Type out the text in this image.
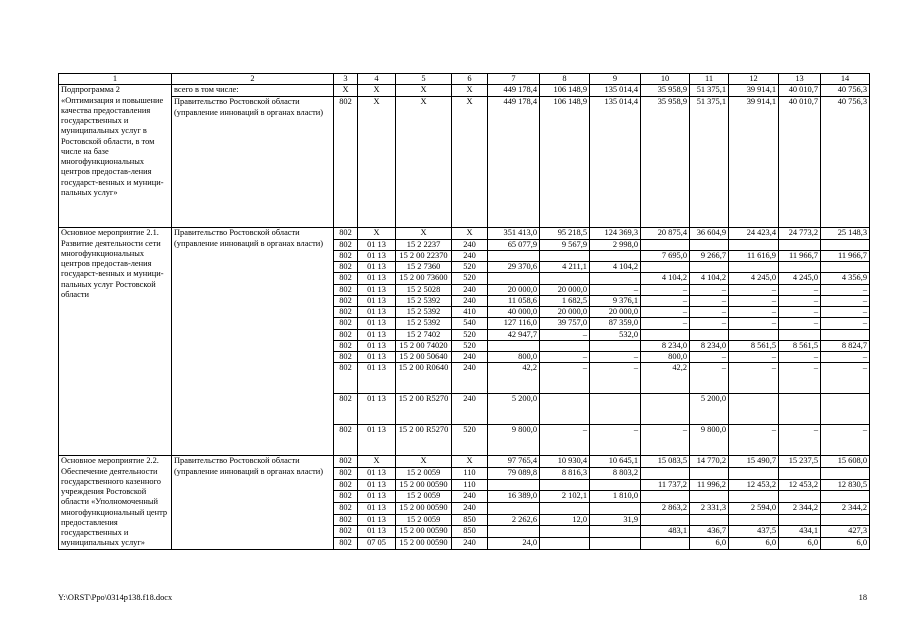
1	2	3	4	5	6	7	8	9	10	11	12	13	14
Подпрограмма 2 «Оптимизация и повышение качества предоставления государственных и муниципальных услуг в Ростовской области, в том числе на базе многофункциональных центров предостав-ления государст-венных и муници-пальных услуг»	всего в том числе:	Х	Х	Х	Х	449 178,4	106 148,9	135 014,4	35 958,9	51 375,1	39 914,1	40 010,7	40 756,3
	Правительство Ростовской области (управление инноваций в органах власти)	802	Х	Х	Х	449 178,4	106 148,9	135 014,4	35 958,9	51 375,1	39 914,1	40 010,7	40 756,3
Основное мероприятие 2.1. Развитие деятельности сети многофункциональных центров предостав-ления государст-венных и муници-пальных услуг Ростовской области	Правительство Ростовской области (управление инноваций в органах власти)	802	Х	Х	Х	351 413,0	95 218,5	124 369,3	20 875,4	36 604,9	24 423,4	24 773,2	25 148,3
		802	01 13	15 2 2237	240	65 077,9	9 567,9	2 998,0					
		802	01 13	15 2 00 22370	240				7 695,0	9 266,7	11 616,9	11 966,7	11 966,7
		802	01 13	15 2 7360	520	29 370,6	4 211,1	4 104,2					
		802	01 13	15 2 00 73600	520				4 104,2	4 104,2	4 245,0	4 245,0	4 356,9
		802	01 13	15 2 5028	240	20 000,0	20 000,0	–	–	–	–	–	–
		802	01 13	15 2 5392	240	11 058,6	1 682,5	9 376,1	–	–	–	–	–
		802	01 13	15 2 5392	410	40 000,0	20 000,0	20 000,0	–	–	–	–	–
		802	01 13	15 2 5392	540	127 116,0	39 757,0	87 359,0	–	–	–	–	–
		802	01 13	15 2 7402	520	42 947,7	–	532,0					
		802	01 13	15 2 00 74020	520				8 234,0	8 234,0	8 561,5	8 561,5	8 824,7
		802	01 13	15 2 00 50640	240	800,0	–	–	800,0	–	–	–	–
		802	01 13	15 2 00 R0640	240	42,2	–	–	42,2	–	–	–	–
		802	01 13	15 2 00 R5270	240	5 200,0				5 200,0			
		802	01 13	15 2 00 R5270	520	9 800,0	–	–	–	9 800,0	–	–	–
Основное мероприятие 2.2. Обеспечение деятельности государственного казенного учреждения Ростовской области «Уполномоченный многофункциональный центр предоставления государственных и муниципальных услуг»	Правительство Ростовской области (управление инноваций в органах власти)	802	Х	Х	Х	97 765,4	10 930,4	10 645,1	15 083,5	14 770,2	15 490,7	15 237,5	15 608,0
		802	01 13	15 2 0059	110	79 089,8	8 816,3	8 803,2					
		802	01 13	15 2 00 00590	110				11 737,2	11 996,2	12 453,2	12 453,2	12 830,5
		802	01 13	15 2 0059	240	16 389,0	2 102,1	1 810,0					
		802	01 13	15 2 00 00590	240				2 863,2	2 331,3	2 594,0	2 344,2	2 344,2
		802	01 13	15 2 0059	850	2 262,6	12,0	31,9					
		802	01 13	15 2 00 00590	850				483,1	436,7	437,5	434,1	427,3
		802	07 05	15 2 00 00590	240	24,0				6,0	6,0	6,0	6,0
Y:\ORST\Ppo\0314p138.f18.docx	18
